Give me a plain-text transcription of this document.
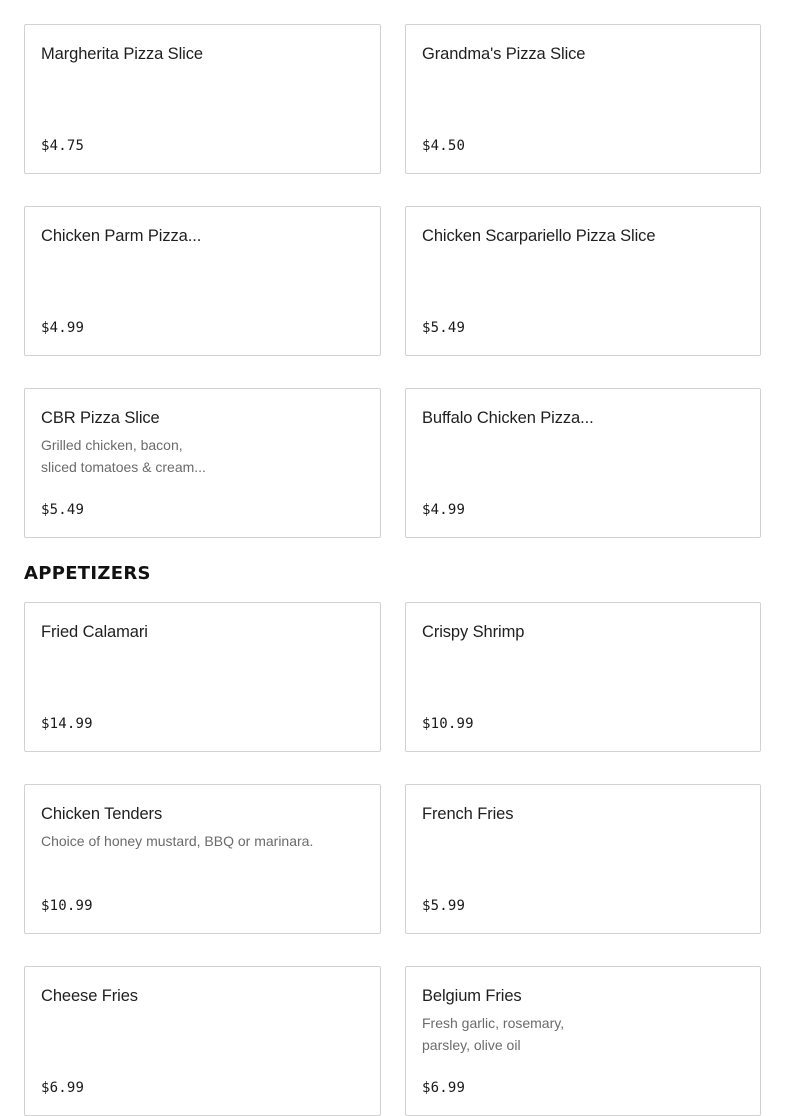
Margherita Pizza Slice
$4.75
Grandma's Pizza Slice
$4.50
Chicken Parm Pizza...
$4.99
Chicken Scarpariello Pizza Slice
$5.49
CBR Pizza Slice
Grilled chicken, bacon,
sliced tomatoes & cream...
$5.49
Buffalo Chicken Pizza...
$4.99
APPETIZERS
Fried Calamari
$14.99
Crispy Shrimp
$10.99
Chicken Tenders
Choice of honey mustard, BBQ or marinara.
$10.99
French Fries
$5.99
Cheese Fries
$6.99
Belgium Fries
Fresh garlic, rosemary,
parsley, olive oil
$6.99
